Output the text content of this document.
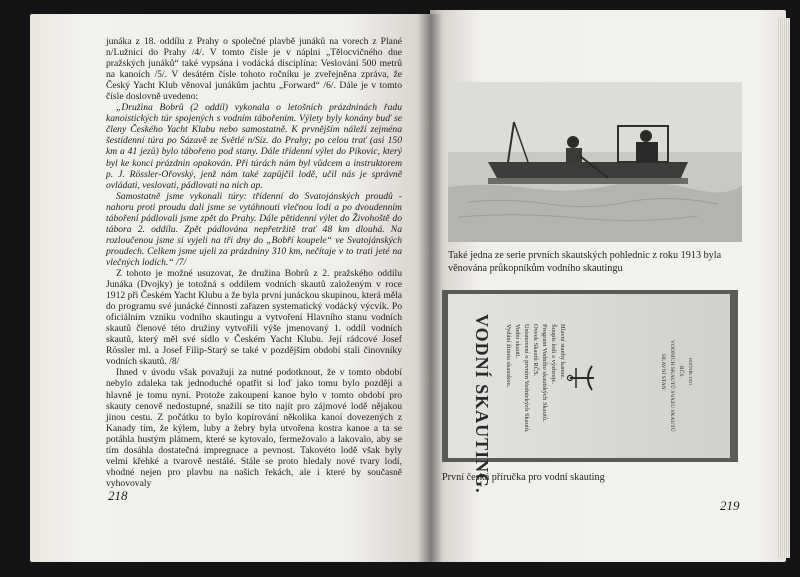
junáka z 18. oddílu z Prahy o společné plavbě junáků na vorech z Plané n/Lužnicí do Prahy /4/. V tomto čísle je v náplni „Tělocvičného dne pražských junáků“ také vypsána i vodácká disciplína: Veslování 500 metrů na kanoích /5/. V desátém čísle tohoto ročníku je zveřejněna zpráva, že Český Yacht Klub věnoval junákům jachtu „Forward“ /6/. Dále je v tomto čísle doslovně uvedeno:

„Družina Bobrů (2 oddíl) vykonala o letošních prázdninách řadu kanoistických túr spojených s vodním tábořením. Výlety byly konány buď se členy Českého Yacht Klubu nebo samostatně. K prvnějším náleží zejména šestidenní túra po Sázavě ze Světlé n/Síz. do Prahy; po celou trať (asi 150 km a 41 jezů) bylo tábořeno pod stany. Dále třídenní výlet do Píkovic, který byl ke konci prázdnin opakován. Při túrách nám byl vůdcem a instruktorem p. J. Rössler-Ořovský, jenž nám také zapůjčil lodě, učil nás je správně ovládati, veslovati, pádlovati na nich ap.

Samostatně jsme vykonali túry: třídenní do Svatojánských proudů - nahoru proti proudu dali jsme se vytáhnouti vlečnou lodí a po dvoudenním táboření pádlovali jsme zpět do Prahy. Dále pětidenní výlet do Živohoště do tábora 2. oddílu. Zpět pádlována nepřetržitě trať 48 km dlouhá. Na rozloučenou jsme si vyjeli na tři dny do „Bobří koupele“ ve Svatojánských proudech. Celkem jsme ujeli za prázdniny 310 km, nečítaje v to trati jeté na vlečných lodích.“ /7/

Z tohoto je možné usuzovat, že družina Bobrů z 2. pražského oddílu Junáka (Dvojky) je totožná s oddílem vodních skautů založeným v roce 1912 při Českém Yacht Klubu a že byla první junáckou skupinou, která měla do programu své junácké činnosti zařazen systematický vodácký výcvik. Po oficiálním vzniku vodního skautingu a vytvoření Hlavního stanu vodních skautů členové této družiny vytvořili výše jmenovaný 1. oddíl vodních skautů, který měl své sídlo v Českém Yacht Klubu. Její rádcové Josef Rössler ml. a Josef Filip-Starý se také v pozdějším období stali činovníky vodních skautů. /8/

Ihned v úvodu však považuji za nutné podotknout, že v tomto období nebylo zdaleka tak jednoduché opatřit si loď jako tomu bylo později a hlavně je tomu nyní. Protože zakoupení kanoe bylo v tomto období pro skauty cenově nedostupné, snažili se tito najít pro zájmové lodě nějakou jinou cestu. Z počátku to bylo kopírování několika kanoí dovezených z Kanady tím, že kýlem, luby a žebry byla utvořena kostra kanoe a ta se potáhla hustým plátnem, které se kytovalo, fermežovalo a lakovalo, aby se tím dosáhla dostatečná impregnace a pevnost. Takovéto lodě však byly velmi křehké a tvarově nestálé. Stále se proto hledaly nové tvary lodí, vhodné nejen pro plavbu na našich řekách, ale i které by současně vyhovovaly

218
Také jedna ze serie prvních skautských pohlednic z roku 1913 byla věnována průkopníkům vodního skautingu
VODNÍ SKAUTING. Vydání žinota skauskou. Vodní skauti. Ustanovení o prvním Vodnických Skautů. Oveek Skautů RČS. Program Vodního skautských Skautů. Šoupis lodí a výzbroje. Hlavní stanby kanoe.	HLAVNÍ STAN VODNÍCH SKAUTŮ SVAZU SKAUTŮ RČS. ROČNÍK 1921
První česká příručka pro vodní skauting
219
